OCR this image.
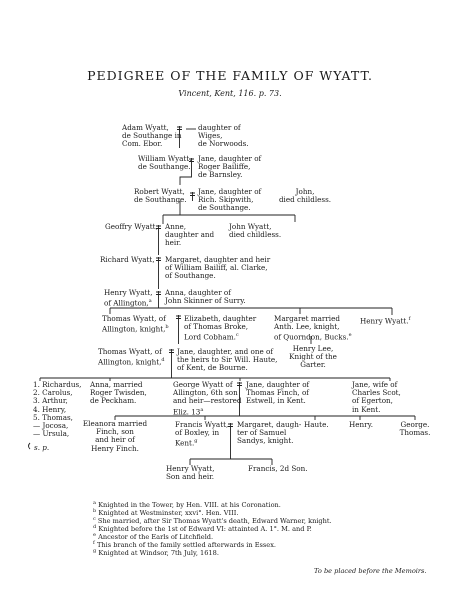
PEDIGREE OF THE FAMILY OF WYATT.
Vincent, Kent, 116. p. 73.
Adam Wyatt,
de Southange in
Com. Ebor.
daughter of
Wiges,
de Norwoods.
William Wyatt,
de Southange.
Jane, daughter of
Roger Bailiffe,
de Barnsley.
Robert Wyatt,
de Southange.
Jane, daughter of
Rich. Skipwith,
de Southange.
John,
died childless.
Geoffry Wyatt, Anne,
daughter and
heir.
John Wyatt,
died childless.
Richard Wyatt, Margaret, daughter and heir
of William Bailiff, al. Clarke,
of Southange.
Henry Wyatt,
of Allington,$^a$
Anna, daughter of
John Skinner of Surry.
Thomas Wyatt, of
Allington, knight,$^b$
Elizabeth, daughter
of Thomas Broke,
Lord Cobham.$^c$
Margaret married
Anth. Lee, knight,
of Quorndon, Bucks.$^e$
Henry Wyatt.$^f$
Thomas Wyatt, of
Allington, knight,$^d$
Jane, daughter, and one of
the heirs to Sir Will. Haute,
of Kent, de Bourne.
Henry Lee,
Knight of the
Garter.
1. Richardus,
2. Carolus,
3. Arthur,
4. Henry,
5. Thomas,
— Jocosa,
— Ursula,
s. p.
Anna, married
Roger Twisden,
de Peckham.
George Wyatt of
Allington, 6th son
and heir—restored
Eliz. 13$^a$
Jane, daughter of
Thomas Finch, of
Estwell, in Kent.
Jane, wife of
Charles Scot,
of Egerton,
in Kent.
Eleanora married
Finch, son
and heir of
Henry Finch.
Francis Wyatt,
of Boxley, in
Kent.$^g$
Margaret, daugh-
ter of Samuel
Sandys, knight.
Haute.	Henry.	George.
Thomas.
Henry Wyatt,
Son and heir.
Francis, 2d Son.
$^a$ Knighted in the Tower, by Hen. VIII. at his Coronation.
$^b$ Knighted at Westminster, xxvi°. Hen. VIII.
$^c$ She married, after Sir Thomas Wyatt's death, Edward Warner, knight.
$^d$ Knighted before the 1st of Edward VI: attainted A. 1°. M. and P.
$^e$ Ancestor of the Earls of Litchfield.
$^f$ This branch of the family settled afterwards in Essex.
$^g$ Knighted at Windsor, 7th July, 1618.
To be placed before the Memoirs.
